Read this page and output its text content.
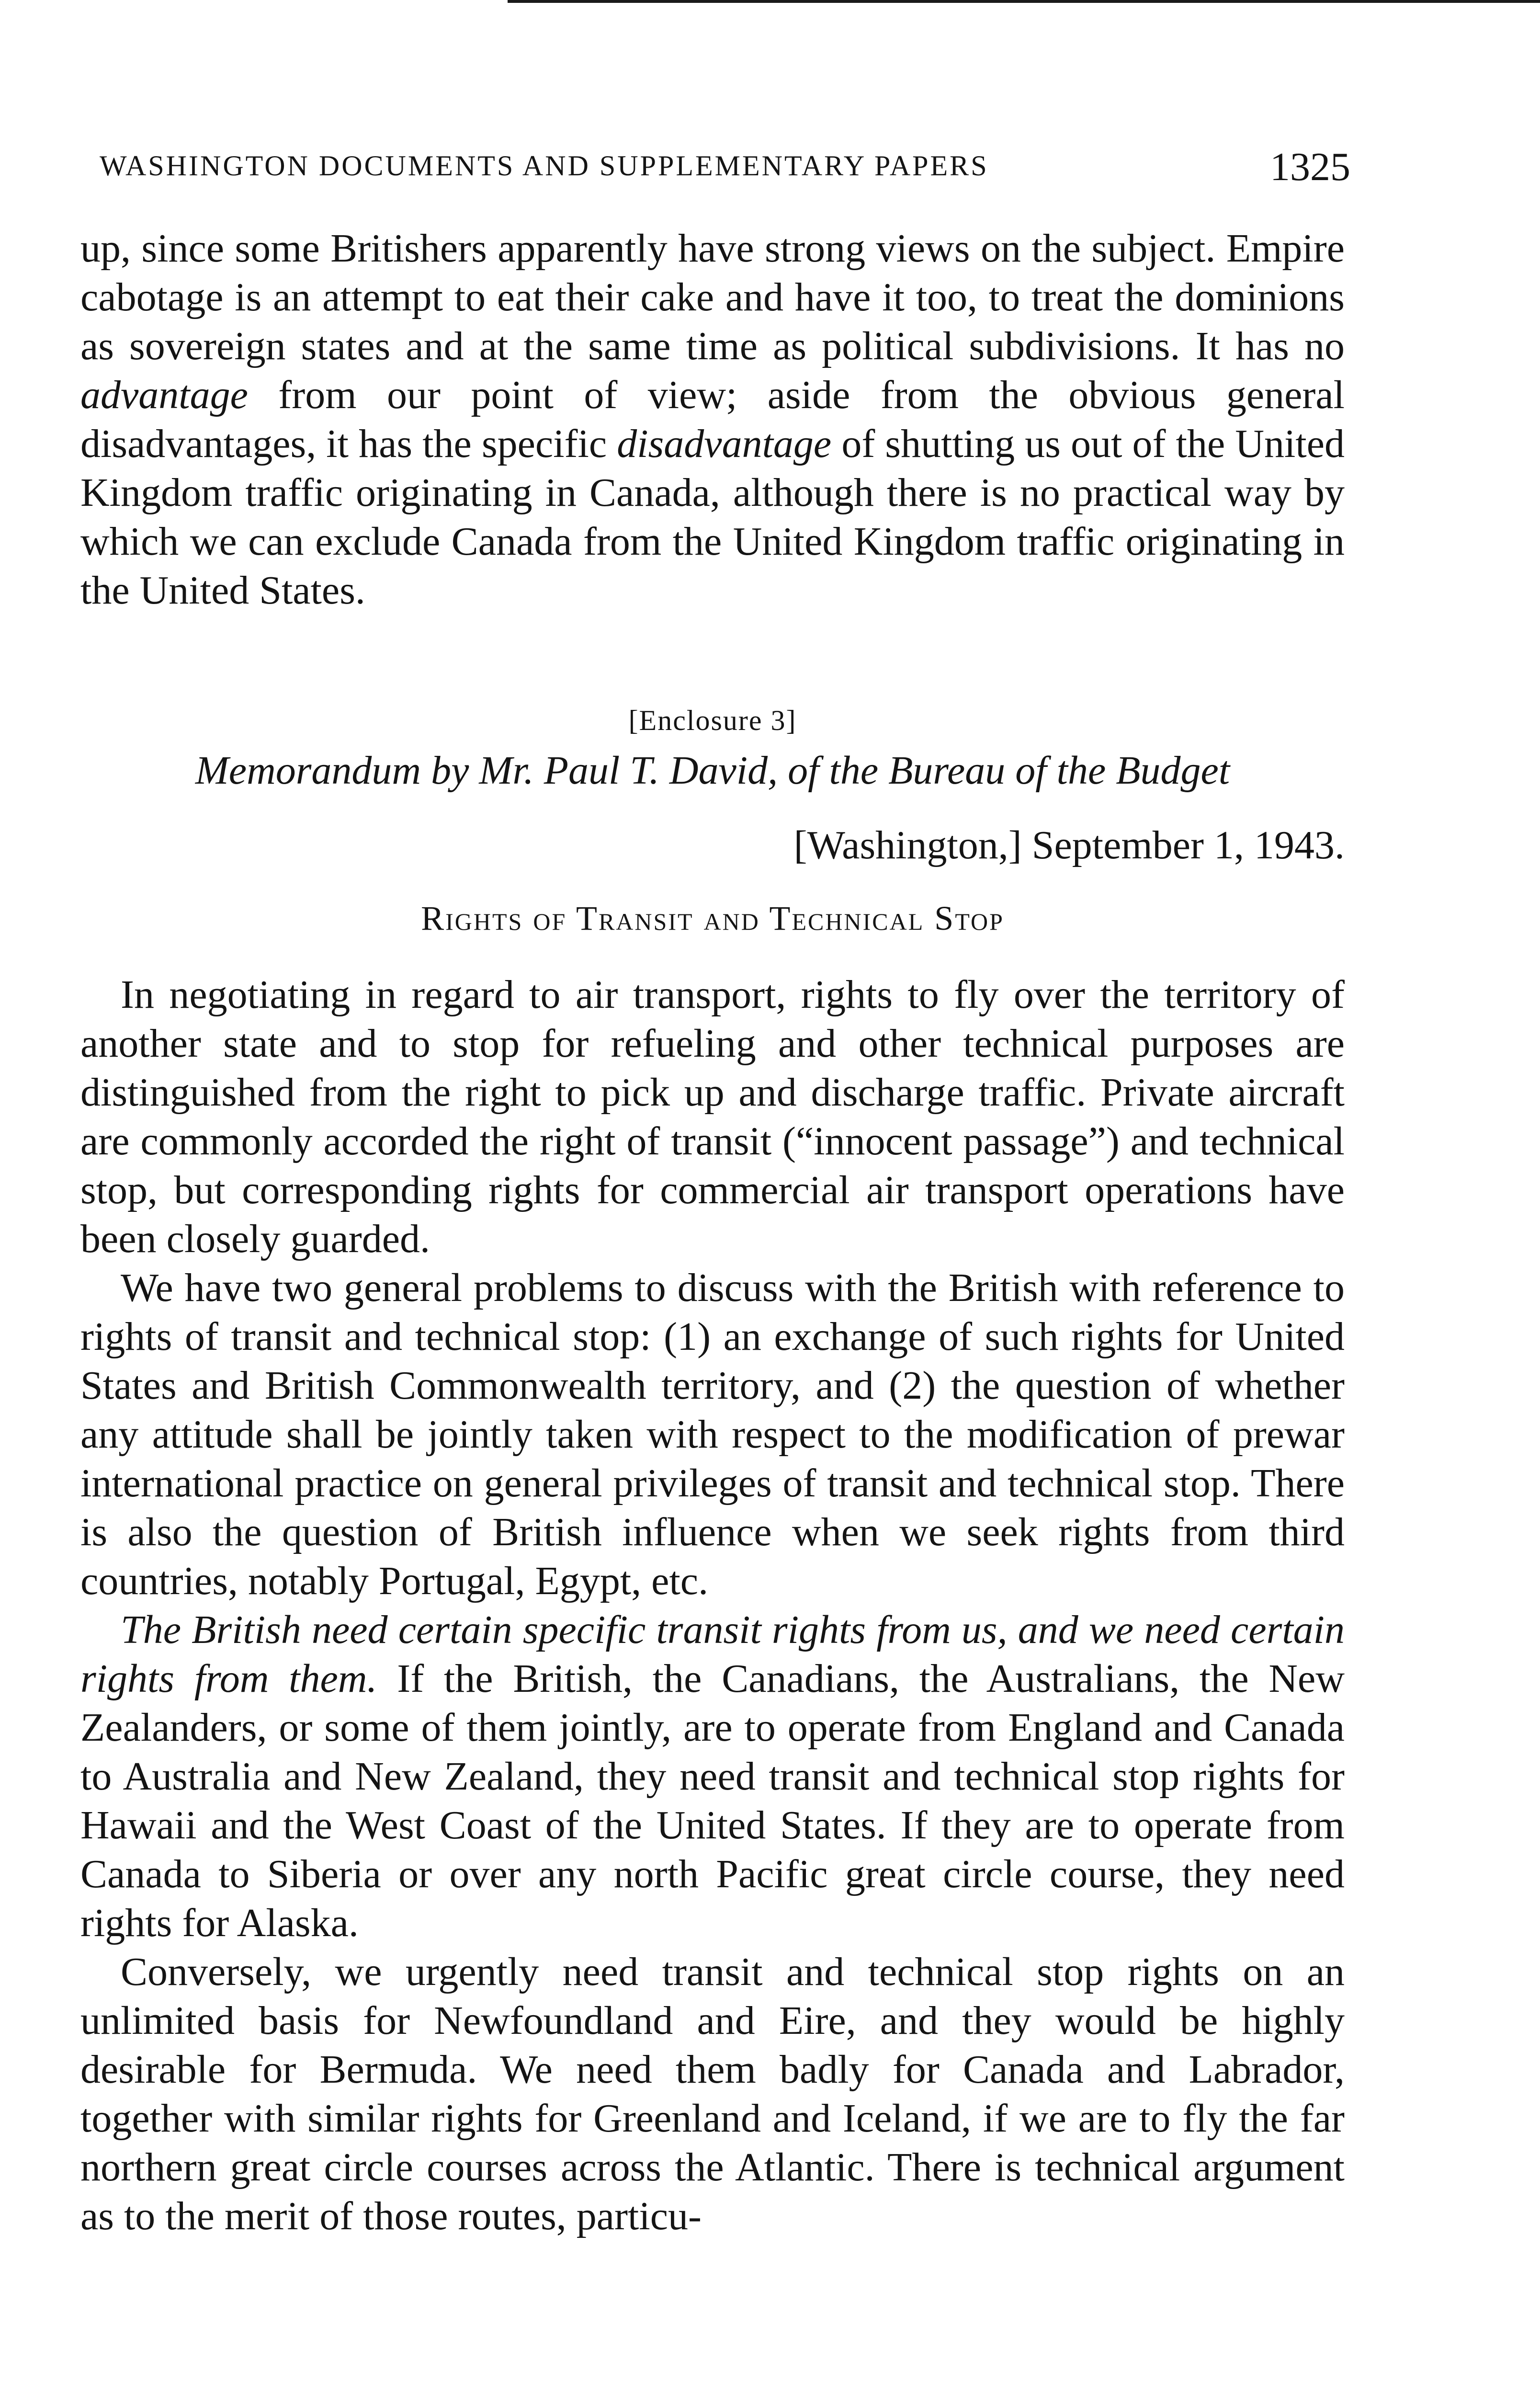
WASHINGTON DOCUMENTS AND SUPPLEMENTARY PAPERS	1325

up, since some Britishers apparently have strong views on the subject. Empire cabotage is an attempt to eat their cake and have it too, to treat the dominions as sovereign states and at the same time as political subdivisions. It has no advantage from our point of view; aside from the obvious general disadvantages, it has the specific disadvantage of shutting us out of the United Kingdom traffic originating in Canada, although there is no practical way by which we can exclude Canada from the United Kingdom traffic originating in the United States.

[Enclosure 3]
Memorandum by Mr. Paul T. David, of the Bureau of the Budget
[Washington,] September 1, 1943.
Rights of Transit and Technical Stop

In negotiating in regard to air transport, rights to fly over the territory of another state and to stop for refueling and other technical purposes are distinguished from the right to pick up and discharge traffic. Private aircraft are commonly accorded the right of transit (“innocent passage”) and technical stop, but corresponding rights for commercial air transport operations have been closely guarded.

We have two general problems to discuss with the British with reference to rights of transit and technical stop: (1) an exchange of such rights for United States and British Commonwealth territory, and (2) the question of whether any attitude shall be jointly taken with respect to the modification of prewar international practice on general privileges of transit and technical stop. There is also the question of British influence when we seek rights from third countries, notably Portugal, Egypt, etc.

The British need certain specific transit rights from us, and we need certain rights from them. If the British, the Canadians, the Australians, the New Zealanders, or some of them jointly, are to operate from England and Canada to Australia and New Zealand, they need transit and technical stop rights for Hawaii and the West Coast of the United States. If they are to operate from Canada to Siberia or over any north Pacific great circle course, they need rights for Alaska.

Conversely, we urgently need transit and technical stop rights on an unlimited basis for Newfoundland and Eire, and they would be highly desirable for Bermuda. We need them badly for Canada and Labrador, together with similar rights for Greenland and Iceland, if we are to fly the far northern great circle courses across the Atlantic. There is technical argument as to the merit of those routes, particu-
